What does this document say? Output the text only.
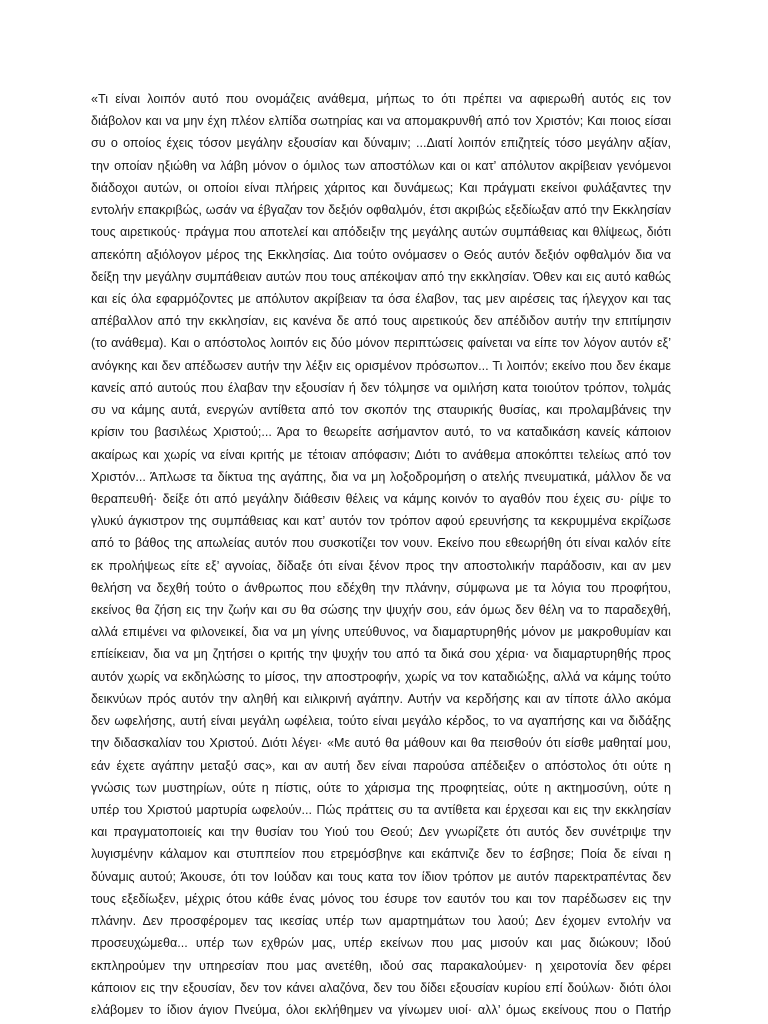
«Τι είναι λοιπόν αυτό που ονομάζεις ανάθεμα, μήπως το ότι πρέπει να αφιερωθή αυτός εις τον
διάβολον και να μην έχη πλέον ελπίδα σωτηρίας και να απομακρυνθή από τον Χριστόν; Και ποιος είσαι
συ ο οποίος έχεις τόσον μεγάλην εξουσίαν και δύναμιν; ...Διατί λοιπόν επιζητείς τόσο μεγάλην αξίαν,
την οποίαν ηξιώθη να λάβη μόνον ο όμιλος των αποστόλων και οι κατ’ απόλυτον ακρίβειαν γενόμενοι
διάδοχοι αυτών, οι οποίοι είναι πλήρεις χάριτος και δυνάμεως; Και πράγματι εκείνοι φυλάξαντες την
εντολήν επακριβώς, ωσάν να έβγαζαν τον δεξιόν οφθαλμόν, έτσι ακριβώς εξεδίωξαν από την Εκκλησίαν
τους αιρετικούς· πράγμα που αποτελεί και απόδειξιν της μεγάλης αυτών συμπάθειας και θλίψεως, διότι
απεκόπη αξιόλογον μέρος της Εκκλησίας. Δια τούτο ονόμασεν ο Θεός αυτόν δεξιόν οφθαλμόν δια να
δείξη την μεγάλην συμπάθειαν αυτών που τους απέκοψαν από την εκκλησίαν. Όθεν και εις αυτό καθώς
και είς όλα εφαρμόζοντες με απόλυτον ακρίβειαν τα όσα έλαβον, τας μεν αιρέσεις τας ήλεγχον και τας
απέβαλλον από την εκκλησίαν, εις κανένα δε από τους αιρετικούς δεν απέδιδον αυτήν την επιτίμησιν
(το ανάθεμα). Και ο απόστολος λοιπόν εις δύο μόνον περιπτώσεις φαίνεται να είπε τον λόγον αυτόν εξ’
ανόγκης και δεν απέδωσεν αυτήν την λέξιν εις ορισμένον πρόσωπον... Τι λοιπόν; εκείνο που δεν έκαμε
κανείς από αυτούς που έλαβαν την εξουσίαν ή δεν τόλμησε να ομιλήση κατα τοιούτον τρόπον, τολμάς
συ να κάμης αυτά, ενεργών αντίθετα από τον σκοπόν της σταυρικής θυσίας, και προλαμβάνεις την
κρίσιν του βασιλέως Χριστού;... Άρα το θεωρείτε ασήμαντον αυτό, το να καταδικάση κανείς κάποιον
ακαίρως και χωρίς να είναι κριτής με τέτοιαν απόφασιν; Διότι το ανάθεμα αποκόπτει τελείως από τον
Χριστόν... Άπλωσε τα δίκτυα της αγάπης, δια να μη λοξοδρομήση ο ατελής πνευματικά, μάλλον δε να
θεραπευθή· δείξε ότι από μεγάλην διάθεσιν θέλεις να κάμης κοινόν το αγαθόν που έχεις συ· ρίψε το
γλυκύ άγκιστρον της συμπάθειας και κατ’ αυτόν τον τρόπον αφού ερευνήσης τα κεκρυμμένα εκρίζωσε
από το βάθος της απωλείας αυτόν που συσκοτίζει τον νουν. Εκείνο που εθεωρήθη ότι είναι καλόν είτε
εκ προλήψεως είτε εξ’ αγνοίας, δίδαξε ότι είναι ξένον προς την αποστολικήν παράδοσιν, και αν μεν
θελήση να δεχθή τούτο ο άνθρωπος που εδέχθη την πλάνην, σύμφωνα με τα λόγια του προφήτου,
εκείνος θα ζήση εις την ζωήν και συ θα σώσης την ψυχήν σου, εάν όμως δεν θέλη να το παραδεχθή,
αλλά επιμένει να φιλονεικεί, δια να μη γίνης υπεύθυνος, να διαμαρτυρηθής μόνον με μακροθυμίαν και
επίείκειαν, δια να μη ζητήσει ο κριτής την ψυχήν του από τα δικά σου χέρια· να διαμαρτυρηθής προς
αυτόν χωρίς να εκδηλώσης το μίσος, την αποστροφήν, χωρίς να τον καταδιώξης, αλλά να κάμης τούτο
δεικνύων πρός αυτόν την αληθή και ειλικρινή αγάπην. Αυτήν να κερδήσης και αν τίποτε άλλο ακόμα
δεν ωφελήσης, αυτή είναι μεγάλη ωφέλεια, τούτο είναι μεγάλο κέρδος, το να αγαπήσης και να διδάξης
την διδασκαλίαν του Χριστού. Διότι λέγει· «Με αυτό θα μάθουν και θα πεισθούν ότι είσθε μαθηταί μου,
εάν έχετε αγάπην μεταξύ σας», και αν αυτή δεν είναι παρούσα απέδειξεν ο απόστολος ότι ούτε η
γνώσις των μυστηρίων, ούτε η πίστις, ούτε το χάρισμα της προφητείας, ούτε η ακτημοσύνη, ούτε η
υπέρ του Χριστού μαρτυρία ωφελούν... Πώς πράττεις συ τα αντίθετα και έρχεσαι και εις την εκκλησίαν
και πραγματοποιείς και την θυσίαν του Υιού του Θεού; Δεν γνωρίζετε ότι αυτός δεν συνέτριψε την
λυγισμένην κάλαμον και στυππείον που ετρεμόσβηνε και εκάπνιζε δεν το έσβησε; Ποία δε είναι η
δύναμις αυτού; Άκουσε, ότι τον Ιούδαν και τους κατα τον ίδιον τρόπον με αυτόν παρεκτραπέντας δεν
τους εξεδίωξεν, μέχρις ότου κάθε ένας μόνος του έσυρε τον εαυτόν του και τον παρέδωσεν εις την
πλάνην. Δεν προσφέρομεν τας ικεσίας υπέρ των αμαρτημάτων του λαού; Δεν έχομεν εντολήν να
προσευχώμεθα... υπέρ των εχθρών μας, υπέρ εκείνων που μας μισούν και μας διώκουν; Ιδού
εκπληρούμεν την υπηρεσίαν που μας ανετέθη, ιδού σας παρακαλούμεν· η χειροτονία δεν φέρει
κάποιον εις την εξουσίαν, δεν τον κάνει αλαζόνα, δεν του δίδει εξουσίαν κυρίου επί δούλων· διότι όλοι
ελάβομεν το ίδιον άγιον Πνεύμα, όλοι εκλήθημεν να γίνωμεν υιοί· αλλ’ όμως εκείνους που ο Πατήρ
